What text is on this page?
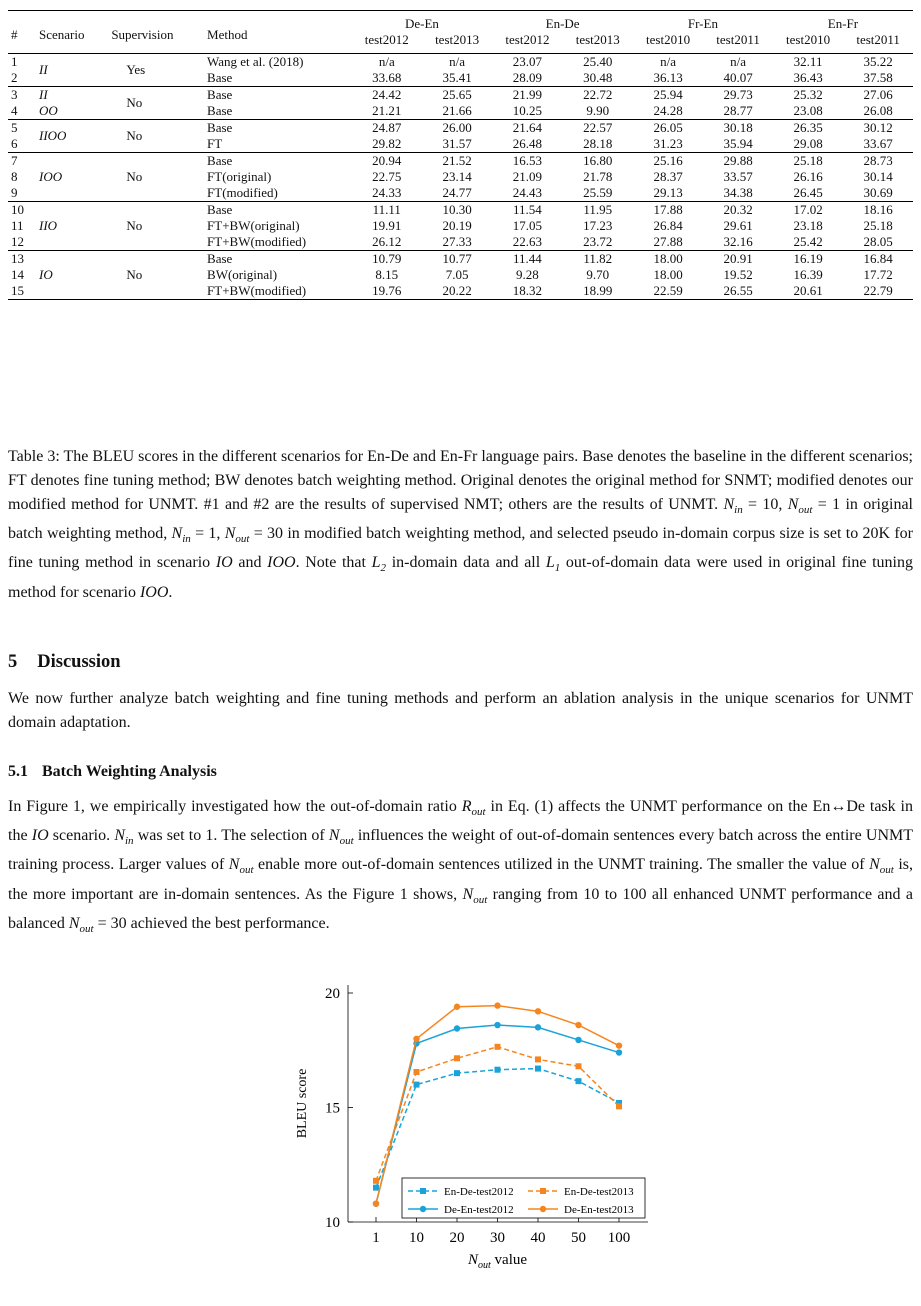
#	Scenario	Supervision	Method	De-En		En-De		Fr-En		En-Fr	
				test2012	test2013	test2012	test2013	test2010	test2011	test2010	test2011
1	II	Yes	Wang et al. (2018)	n/a	n/a	23.07	25.40	n/a	n/a	32.11	35.22
2			Base	33.68	35.41	28.09	30.48	36.13	40.07	36.43	37.58
3	II	No	Base	24.42	25.65	21.99	22.72	25.94	29.73	25.32	27.06
4	OO		Base	21.21	21.66	10.25	9.90	24.28	28.77	23.08	26.08
5	IIOO	No	Base	24.87	26.00	21.64	22.57	26.05	30.18	26.35	30.12
6			FT	29.82	31.57	26.48	28.18	31.23	35.94	29.08	33.67
7	IOO	No	Base	20.94	21.52	16.53	16.80	25.16	29.88	25.18	28.73
8			FT(original)	22.75	23.14	21.09	21.78	28.37	33.57	26.16	30.14
9			FT(modified)	24.33	24.77	24.43	25.59	29.13	34.38	26.45	30.69
10	IIO	No	Base	11.11	10.30	11.54	11.95	17.88	20.32	17.02	18.16
11			FT+BW(original)	19.91	20.19	17.05	17.23	26.84	29.61	23.18	25.18
12			FT+BW(modified)	26.12	27.33	22.63	23.72	27.88	32.16	25.42	28.05
13	IO	No	Base	10.79	10.77	11.44	11.82	18.00	20.91	16.19	16.84
14			BW(original)	8.15	7.05	9.28	9.70	18.00	19.52	16.39	17.72
15			FT+BW(modified)	19.76	20.22	18.32	18.99	22.59	26.55	20.61	22.79
Table 3: The BLEU scores in the different scenarios for En-De and En-Fr language pairs. Base denotes the baseline in the different scenarios; FT denotes fine tuning method; BW denotes batch weighting method. Original denotes the original method for SNMT; modified denotes our modified method for UNMT. #1 and #2 are the results of supervised NMT; others are the results of UNMT. $N_{in} = 10$, $N_{out} = 1$ in original batch weighting method, $N_{in} = 1$, $N_{out} = 30$ in modified batch weighting method, and selected pseudo in-domain corpus size is set to 20K for fine tuning method in scenario IO and IOO. Note that $L_2$ in-domain data and all $L_1$ out-of-domain data were used in original fine tuning method for scenario IOO.
5 Discussion
We now further analyze batch weighting and fine tuning methods and perform an ablation analysis in the unique scenarios for UNMT domain adaptation.
5.1 Batch Weighting Analysis
In Figure 1, we empirically investigated how the out-of-domain ratio $R_{out}$ in Eq. (1) affects the UNMT performance on the En↔De task in the IO scenario. $N_{in}$ was set to 1. The selection of $N_{out}$ influences the weight of out-of-domain sentences every batch across the entire UNMT training process. Larger values of $N_{out}$ enable more out-of-domain sentences utilized in the UNMT training. The smaller the value of $N_{out}$ is, the more important are in-domain sentences. As the Figure 1 shows, $N_{out}$ ranging from 10 to 100 all enhanced UNMT performance and a balanced $N_{out} = 30$ achieved the best performance.
10
15
20
1 10 20 30 40 50 100
BLEU score
$N_{out}$ value
En-De-test2012	En-De-test2013
De-En-test2012	De-En-test2013
